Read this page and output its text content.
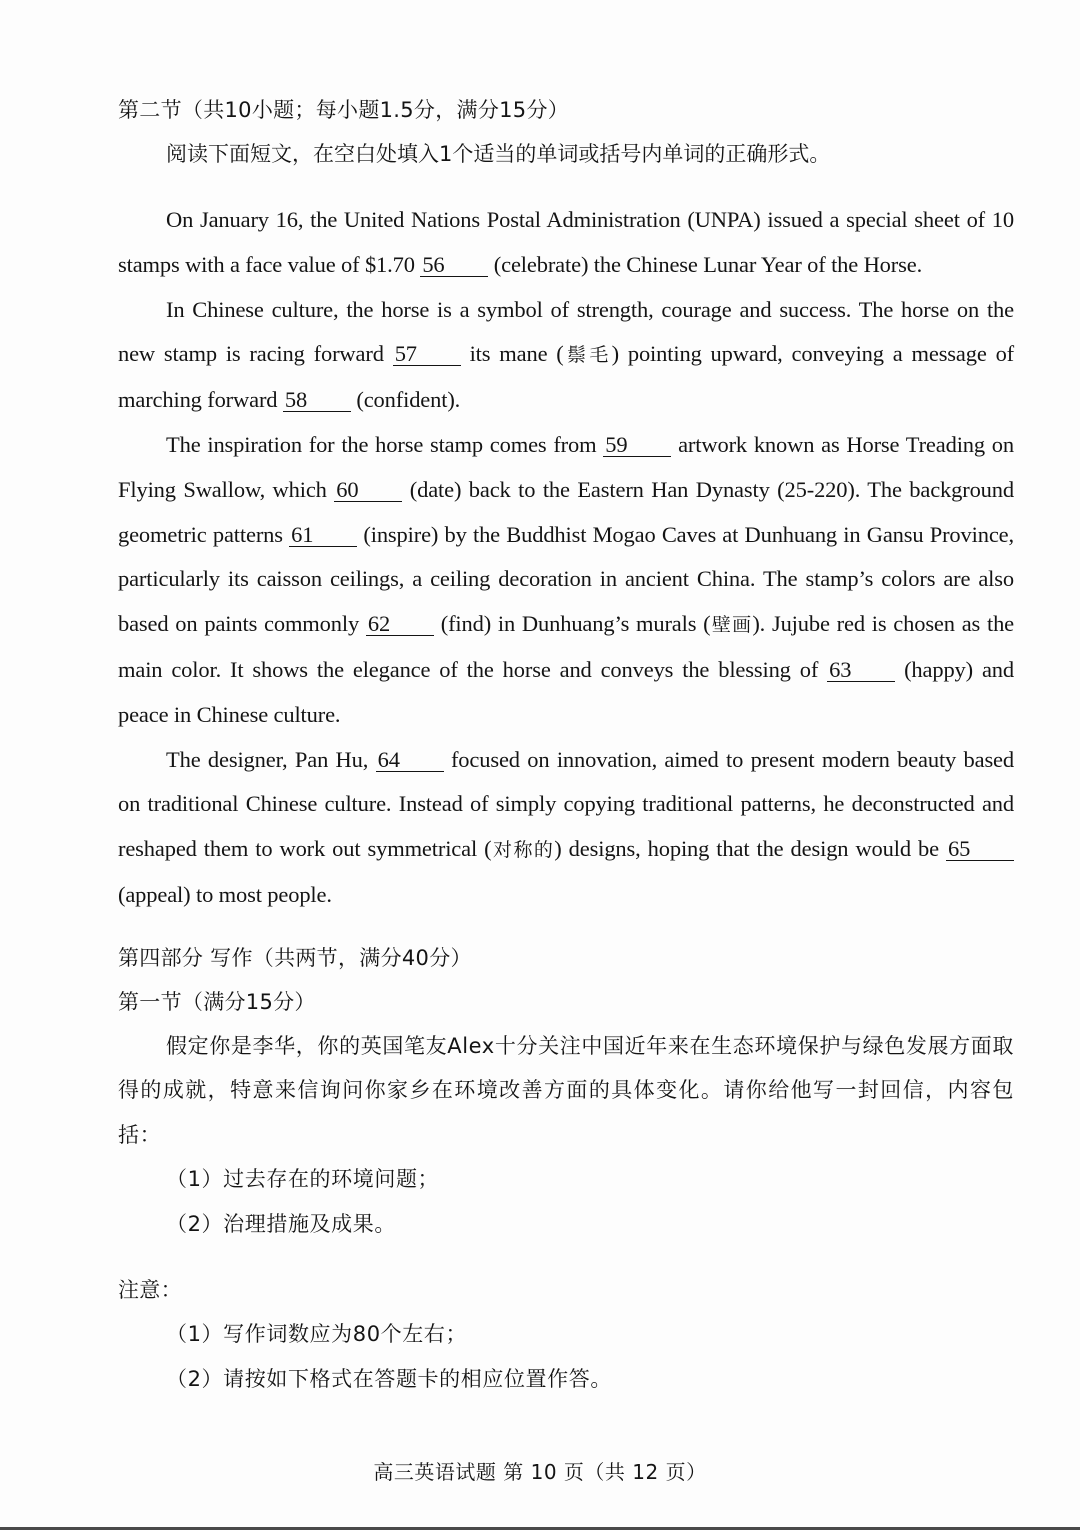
第二节（共10小题；每小题1.5分，满分15分）
阅读下面短文，在空白处填入1个适当的单词或括号内单词的正确形式。

On January 16, the United Nations Postal Administration (UNPA) issued a special sheet of 10 stamps with a face value of $1.70 56 (celebrate) the Chinese Lunar Year of the Horse.

In Chinese culture, the horse is a symbol of strength, courage and success. The horse on the new stamp is racing forward 57 its mane (鬃毛) pointing upward, conveying a message of marching forward 58 (confident).

The inspiration for the horse stamp comes from 59 artwork known as Horse Treading on Flying Swallow, which 60 (date) back to the Eastern Han Dynasty (25-220). The background geometric patterns 61 (inspire) by the Buddhist Mogao Caves at Dunhuang in Gansu Province, particularly its caisson ceilings, a ceiling decoration in ancient China. The stamp’s colors are also based on paints commonly 62 (find) in Dunhuang’s murals (壁画). Jujube red is chosen as the main color. It shows the elegance of the horse and conveys the blessing of 63 (happy) and peace in Chinese culture.

The designer, Pan Hu, 64 focused on innovation, aimed to present modern beauty based on traditional Chinese culture. Instead of simply copying traditional patterns, he deconstructed and reshaped them to work out symmetrical (对称的) designs, hoping that the design would be 65 (appeal) to most people.

第四部分 写作（共两节，满分40分）
第一节（满分15分）

假定你是李华，你的英国笔友Alex十分关注中国近年来在生态环境保护与绿色发展方面取得的成就，特意来信询问你家乡在环境改善方面的具体变化。请你给他写一封回信，内容包括：

（1）过去存在的环境问题；

（2）治理措施及成果。

注意：

（1）写作词数应为80个左右；

（2）请按如下格式在答题卡的相应位置作答。

高三英语试题 第 10 页（共 12 页）
